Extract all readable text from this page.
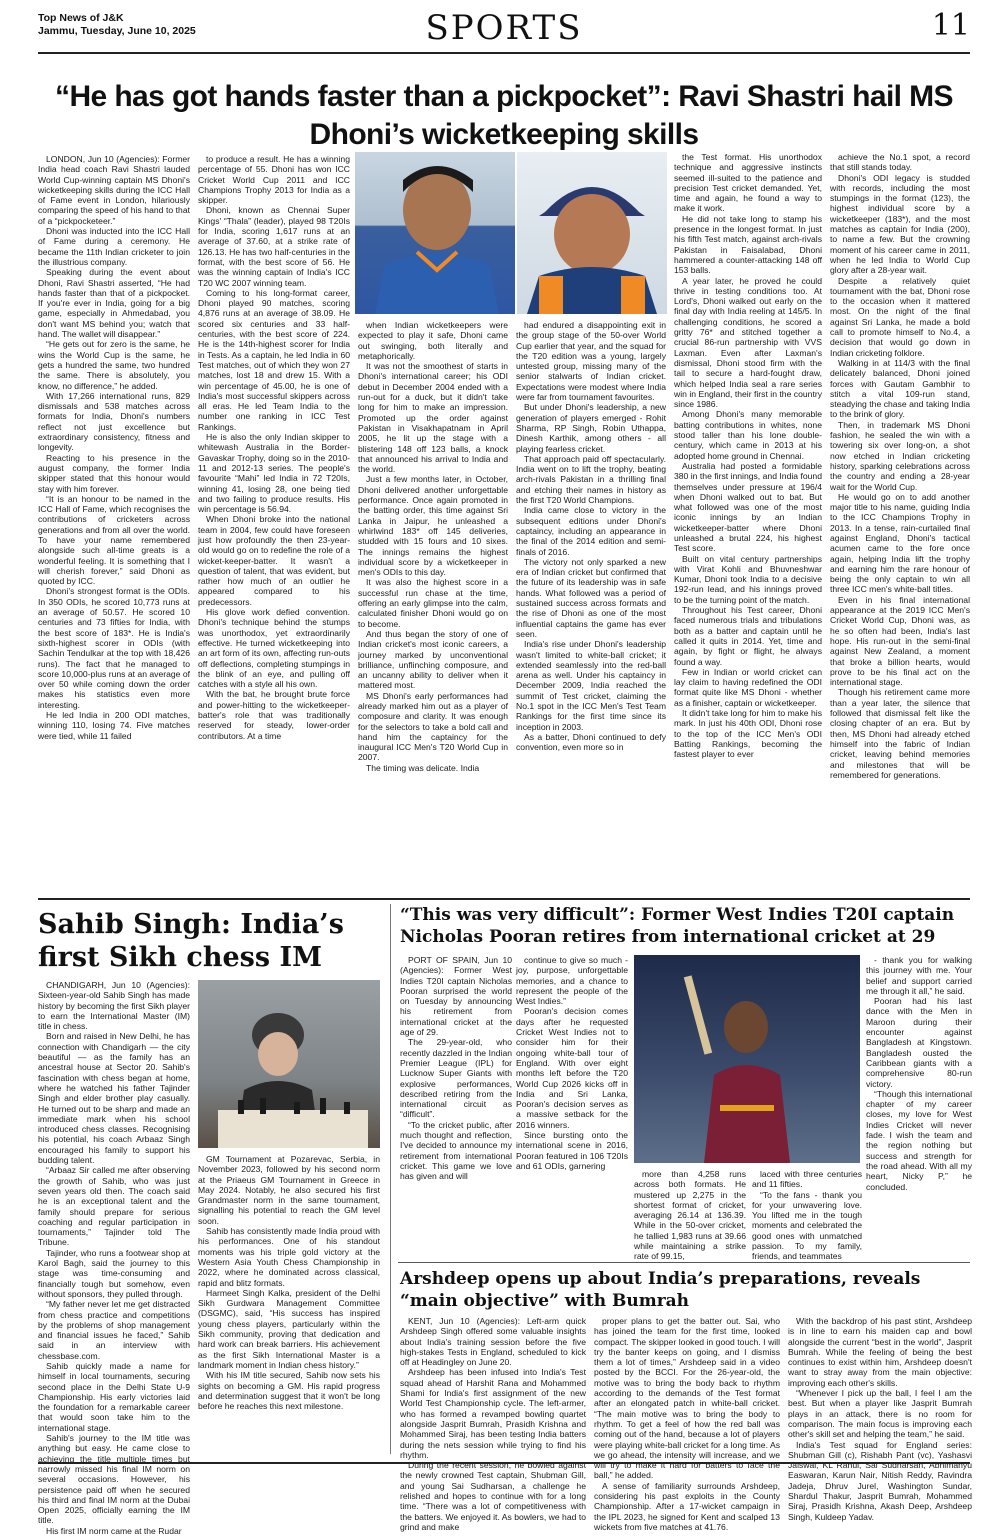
Top News of J&K
Jammu, Tuesday, June 10, 2025	SPORTS	11
“He has got hands faster than a pickpocket”: Ravi Shastri hail MS Dhoni’s wicketkeeping skills

LONDON, Jun 10 (Agencies): Former India head coach Ravi Shastri lauded World Cup-winning captain MS Dhoni's wicketkeeping skills during the ICC Hall of Fame event in London, hilariously comparing the speed of his hand to that of a “pickpocketeer.”

Dhoni was inducted into the ICC Hall of Fame during a ceremony. He became the 11th Indian cricketer to join the illustrious company.

Speaking during the event about Dhoni, Ravi Shastri asserted, “He had hands faster than that of a pickpocket. If you're ever in India, going for a big game, especially in Ahmedabad, you don't want MS behind you; watch that hand. The wallet will disappear.”

“He gets out for zero is the same, he wins the World Cup is the same, he gets a hundred the same, two hundred the same. There is absolutely, you know, no difference,” he added.

With 17,266 international runs, 829 dismissals and 538 matches across formats for India, Dhoni's numbers reflect not just excellence but extraordinary consistency, fitness and longevity.

Reacting to his presence in the august company, the former India skipper stated that this honour would stay with him forever.

“It is an honour to be named in the ICC Hall of Fame, which recognises the contributions of cricketers across generations and from all over the world. To have your name remembered alongside such all-time greats is a wonderful feeling. It is something that I will cherish forever,” said Dhoni as quoted by ICC.

Dhoni's strongest format is the ODIs. In 350 ODIs, he scored 10,773 runs at an average of 50.57. He scored 10 centuries and 73 fifties for India, with the best score of 183*. He is India's sixth-highest scorer in ODIs (with Sachin Tendulkar at the top with 18,426 runs). The fact that he managed to score 10,000-plus runs at an average of over 50 while coming down the order makes his statistics even more interesting.

He led India in 200 ODI matches, winning 110, losing 74. Five matches were tied, while 11 failed

to produce a result. He has a winning percentage of 55. Dhoni has won ICC Cricket World Cup 2011 and ICC Champions Trophy 2013 for India as a skipper.

Dhoni, known as Chennai Super Kings' “Thala” (leader), played 98 T20Is for India, scoring 1,617 runs at an average of 37.60, at a strike rate of 126.13. He has two half-centuries in the format, with the best score of 56. He was the winning captain of India's ICC T20 WC 2007 winning team.

Coming to his long-format career, Dhoni played 90 matches, scoring 4,876 runs at an average of 38.09. He scored six centuries and 33 half-centuries, with the best score of 224. He is the 14th-highest scorer for India in Tests. As a captain, he led India in 60 Test matches, out of which they won 27 matches, lost 18 and drew 15. With a win percentage of 45.00, he is one of India's most successful skippers across all eras. He led Team India to the number one ranking in ICC Test Rankings.

He is also the only Indian skipper to whitewash Australia in the Border-Gavaskar Trophy, doing so in the 2010-11 and 2012-13 series. The people's favourite “Mahi” led India in 72 T20Is, winning 41, losing 28, one being tied and two failing to produce results. His win percentage is 56.94.

When Dhoni broke into the national team in 2004, few could have foreseen just how profoundly the then 23-year-old would go on to redefine the role of a wicket-keeper-batter. It wasn't a question of talent, that was evident, but rather how much of an outlier he appeared compared to his predecessors.

His glove work defied convention. Dhoni's technique behind the stumps was unorthodox, yet extraordinarily effective. He turned wicketkeeping into an art form of its own, affecting run-outs off deflections, completing stumpings in the blink of an eye, and pulling off catches with a style all his own.

With the bat, he brought brute force and power-hitting to the wicketkeeper-batter's role that was traditionally reserved for steady, lower-order contributors. At a time

when Indian wicketkeepers were expected to play it safe, Dhoni came out swinging, both literally and metaphorically.

It was not the smoothest of starts in Dhoni's international career; his ODI debut in December 2004 ended with a run-out for a duck, but it didn't take long for him to make an impression. Promoted up the order against Pakistan in Visakhapatnam in April 2005, he lit up the stage with a blistering 148 off 123 balls, a knock that announced his arrival to India and the world.

Just a few months later, in October, Dhoni delivered another unforgettable performance. Once again promoted in the batting order, this time against Sri Lanka in Jaipur, he unleashed a whirlwind 183* off 145 deliveries, studded with 15 fours and 10 sixes. The innings remains the highest individual score by a wicketkeeper in men's ODIs to this day.

It was also the highest score in a successful run chase at the time, offering an early glimpse into the calm, calculated finisher Dhoni would go on to become.

And thus began the story of one of Indian cricket's most iconic careers, a journey marked by unconventional brilliance, unflinching composure, and an uncanny ability to deliver when it mattered most.

MS Dhoni's early performances had already marked him out as a player of composure and clarity. It was enough for the selectors to take a bold call and hand him the captaincy for the inaugural ICC Men's T20 World Cup in 2007.

The timing was delicate. India

had endured a disappointing exit in the group stage of the 50-over World Cup earlier that year, and the squad for the T20 edition was a young, largely untested group, missing many of the senior stalwarts of Indian cricket. Expectations were modest where India were far from tournament favourites.

But under Dhoni's leadership, a new generation of players emerged - Rohit Sharma, RP Singh, Robin Uthappa, Dinesh Karthik, among others - all playing fearless cricket.

That approach paid off spectacularly. India went on to lift the trophy, beating arch-rivals Pakistan in a thrilling final and etching their names in history as the first T20 World Champions.

India came close to victory in the subsequent editions under Dhoni's captaincy, including an appearance in the final of the 2014 edition and semi-finals of 2016.

The victory not only sparked a new era of Indian cricket but confirmed that the future of its leadership was in safe hands. What followed was a period of sustained success across formats and the rise of Dhoni as one of the most influential captains the game has ever seen.

India's rise under Dhoni's leadership wasn't limited to white-ball cricket; it extended seamlessly into the red-ball arena as well. Under his captaincy in December 2009, India reached the summit of Test cricket, claiming the No.1 spot in the ICC Men's Test Team Rankings for the first time since its inception in 2003.

As a batter, Dhoni continued to defy convention, even more so in

the Test format. His unorthodox technique and aggressive instincts seemed ill-suited to the patience and precision Test cricket demanded. Yet, time and again, he found a way to make it work.

He did not take long to stamp his presence in the longest format. In just his fifth Test match, against arch-rivals Pakistan in Faisalabad, Dhoni hammered a counter-attacking 148 off 153 balls.

A year later, he proved he could thrive in testing conditions too. At Lord's, Dhoni walked out early on the final day with India reeling at 145/5. In challenging conditions, he scored a gritty 76* and stitched together a crucial 86-run partnership with VVS Laxman. Even after Laxman's dismissal, Dhoni stood firm with the tail to secure a hard-fought draw, which helped India seal a rare series win in England, their first in the country since 1986.

Among Dhoni's many memorable batting contributions in whites, none stood taller than his lone double-century, which came in 2013 at his adopted home ground in Chennai.

Australia had posted a formidable 380 in the first innings, and India found themselves under pressure at 196/4 when Dhoni walked out to bat. But what followed was one of the most iconic innings by an Indian wicketkeeper-batter where Dhoni unleashed a brutal 224, his highest Test score.

Built on vital century partnerships with Virat Kohli and Bhuvneshwar Kumar, Dhoni took India to a decisive 192-run lead, and his innings proved to be the turning point of the match.

Throughout his Test career, Dhoni faced numerous trials and tribulations both as a batter and captain until he called it quits in 2014. Yet, time and again, by fight or flight, he always found a way.

Few in Indian or world cricket can lay claim to having redefined the ODI format quite like MS Dhoni - whether as a finisher, captain or wicketkeeper.

It didn't take long for him to make his mark. In just his 40th ODI, Dhoni rose to the top of the ICC Men's ODI Batting Rankings, becoming the fastest player to ever

achieve the No.1 spot, a record that still stands today.

Dhoni's ODI legacy is studded with records, including the most stumpings in the format (123), the highest individual score by a wicketkeeper (183*), and the most matches as captain for India (200), to name a few. But the crowning moment of his career came in 2011, when he led India to World Cup glory after a 28-year wait.

Despite a relatively quiet tournament with the bat, Dhoni rose to the occasion when it mattered most. On the night of the final against Sri Lanka, he made a bold call to promote himself to No.4, a decision that would go down in Indian cricketing folklore.

Walking in at 114/3 with the final delicately balanced, Dhoni joined forces with Gautam Gambhir to stitch a vital 109-run stand, steadying the chase and taking India to the brink of glory.

Then, in trademark MS Dhoni fashion, he sealed the win with a towering six over long-on, a shot now etched in Indian cricketing history, sparking celebrations across the country and ending a 28-year wait for the World Cup.

He would go on to add another major title to his name, guiding India to the ICC Champions Trophy in 2013. In a tense, rain-curtailed final against England, Dhoni's tactical acumen came to the fore once again, helping India lift the trophy and earning him the rare honour of being the only captain to win all three ICC men's white-ball titles.

Even in his final international appearance at the 2019 ICC Men's Cricket World Cup, Dhoni was, as he so often had been, India's last hope. His run-out in the semi-final against New Zealand, a moment that broke a billion hearts, would prove to be his final act on the international stage.

Though his retirement came more than a year later, the silence that followed that dismissal felt like the closing chapter of an era. But by then, MS Dhoni had already etched himself into the fabric of Indian cricket, leaving behind memories and milestones that will be remembered for generations.

Sahib Singh: India’s first Sikh chess IM

CHANDIGARH, Jun 10 (Agencies): Sixteen-year-old Sahib Singh has made history by becoming the first Sikh player to earn the International Master (IM) title in chess.

Born and raised in New Delhi, he has connection with Chandigarh — the city beautiful — as the family has an ancestral house at Sector 20. Sahib's fascination with chess began at home, where he watched his father Tajinder Singh and elder brother play casually. He turned out to be sharp and made an immediate mark when his school introduced chess classes. Recognising his potential, his coach Arbaaz Singh encouraged his family to support his budding talent.

“Arbaaz Sir called me after observing the growth of Sahib, who was just seven years old then. The coach said he is an exceptional talent and the family should prepare for serious coaching and regular participation in tournaments,” Tajinder told The Tribune.

Tajinder, who runs a footwear shop at Karol Bagh, said the journey to this stage was time-consuming and financially tough but somehow, even without sponsors, they pulled through.

“My father never let me get distracted from chess practice and competitions by the problems of shop management and financial issues he faced,” Sahib said in an interview with chessbase.com.

Sahib quickly made a name for himself in local tournaments, securing second place in the Delhi State U-9 Championship. His early victories laid the foundation for a remarkable career that would soon take him to the international stage.

Sahib's journey to the IM title was anything but easy. He came close to achieving the title multiple times but narrowly missed his final IM norm on several occasions. However, his persistence paid off when he secured his third and final IM norm at the Dubai Open 2025, officially earning the IM title.

His first IM norm came at the Rudar

GM Tournament at Pozarevac, Serbia, in November 2023, followed by his second norm at the Priaeus GM Tournament in Greece in May 2024. Notably, he also secured his first Grandmaster norm in the same tournament, signalling his potential to reach the GM level soon.

Sahib has consistently made India proud with his performances. One of his standout moments was his triple gold victory at the Western Asia Youth Chess Championship in 2022, where he dominated across classical, rapid and blitz formats.

Harmeet Singh Kalka, president of the Delhi Sikh Gurdwara Management Committee (DSGMC), said, “His success has inspired young chess players, particularly within the Sikh community, proving that dedication and hard work can break barriers. His achievement as the first Sikh International Master is a landmark moment in Indian chess history.”

With his IM title secured, Sahib now sets his sights on becoming a GM. His rapid progress and determination suggest that it won't be long before he reaches this next milestone.

“This was very difficult”: Former West Indies T20I captain Nicholas Pooran retires from international cricket at 29

PORT OF SPAIN, Jun 10 (Agencies): Former West Indies T20I captain Nicholas Pooran surprised the world on Tuesday by announcing his retirement from international cricket at the age of 29.

The 29-year-old, who recently dazzled in the Indian Premier League (IPL) for Lucknow Super Giants with explosive performances, described retiring from the international circuit as “difficult”.

“To the cricket public, after much thought and reflection, I've decided to announce my retirement from international cricket. This game we love has given and will

continue to give so much - joy, purpose, unforgettable memories, and a chance to represent the people of the West Indies.”

Pooran's decision comes days after he requested Cricket West Indies not to consider him for their ongoing white-ball tour of England. With over eight months left before the T20 World Cup 2026 kicks off in India and Sri Lanka, Pooran's decision serves as a massive setback for the 2016 winners.

Since bursting onto the international scene in 2016, Pooran featured in 106 T20Is and 61 ODIs, garnering

more than 4,258 runs across both formats. He mustered up 2,275 in the shortest format of cricket, averaging 26.14 at 136.39. While in the 50-over cricket, he tallied 1,983 runs at 39.66 while maintaining a strike rate of 99.15,

laced with three centuries and 11 fifties.

“To the fans - thank you for your unwavering love. You lifted me in the tough moments and celebrated the good ones with unmatched passion. To my family, friends, and teammates

- thank you for walking this journey with me. Your belief and support carried me through it all,” he said.

Pooran had his last dance with the Men in Maroon during their encounter against Bangladesh at Kingstown. Bangladesh ousted the Caribbean giants with a comprehensive 80-run victory.

“Though this international chapter of my career closes, my love for West Indies Cricket will never fade. I wish the team and the region nothing but success and strength for the road ahead. With all my heart, Nicky P,” he concluded.

Arshdeep opens up about India’s preparations, reveals “main objective” with Bumrah

KENT, Jun 10 (Agencies): Left-arm quick Arshdeep Singh offered some valuable insights about India's training session before the five high-stakes Tests in England, scheduled to kick off at Headingley on June 20.

Arshdeep has been infused into India's Test squad ahead of Harshit Rana and Mohammed Shami for India's first assignment of the new World Test Championship cycle. The left-armer, who has formed a revamped bowling quartet alongside Jasprit Bumrah, Prasidh Krishna and Mohammed Siraj, has been testing India batters during the nets session while trying to find his rhythm.

During the recent session, he bowled against the newly crowned Test captain, Shubman Gill, and young Sai Sudharsan, a challenge he relished and hopes to continue with for a long time. “There was a lot of competitiveness with the batters. We enjoyed it. As bowlers, we had to grind and make

proper plans to get the batter out. Sai, who has joined the team for the first time, looked compact. The skipper looked in good touch. I will try the banter keeps on going, and I dismiss them a lot of times,” Arshdeep said in a video posted by the BCCI. For the 26-year-old, the motive was to bring the body back to rhythm according to the demands of the Test format after an elongated patch in white-ball cricket. “The main motive was to bring the body to rhythm. To get a feel of how the red ball was coming out of the hand, because a lot of players were playing white-ball cricket for a long time. As we go ahead, the intensity will increase, and we will try to make it hard for batters to face the ball,” he added.

A sense of familiarity surrounds Arshdeep, considering his past exploits in the County Championship. After a 17-wicket campaign in the IPL 2023, he signed for Kent and scalped 13 wickets from five matches at 41.76.

With the backdrop of his past stint, Arshdeep is in line to earn his maiden cap and bowl alongside the current “best in the world”, Jasprit Bumrah. While the feeling of being the best continues to exist within him, Arshdeep doesn't want to stray away from the main objective: improving each other's skills.

“Whenever I pick up the ball, I feel I am the best. But when a player like Jasprit Bumrah plays in an attack, there is no room for comparison. The main focus is improving each other's skill set and helping the team,” he said.

India's Test squad for England series: Shubman Gill (c), Rishabh Pant (vc), Yashasvi Jaiswal, KL Rahul, Sai Sudharsan, Abhimanyu Easwaran, Karun Nair, Nitish Reddy, Ravindra Jadeja, Dhruv Jurel, Washington Sundar, Shardul Thakur, Jasprit Bumrah, Mohammed Siraj, Prasidh Krishna, Akash Deep, Arshdeep Singh, Kuldeep Yadav.
